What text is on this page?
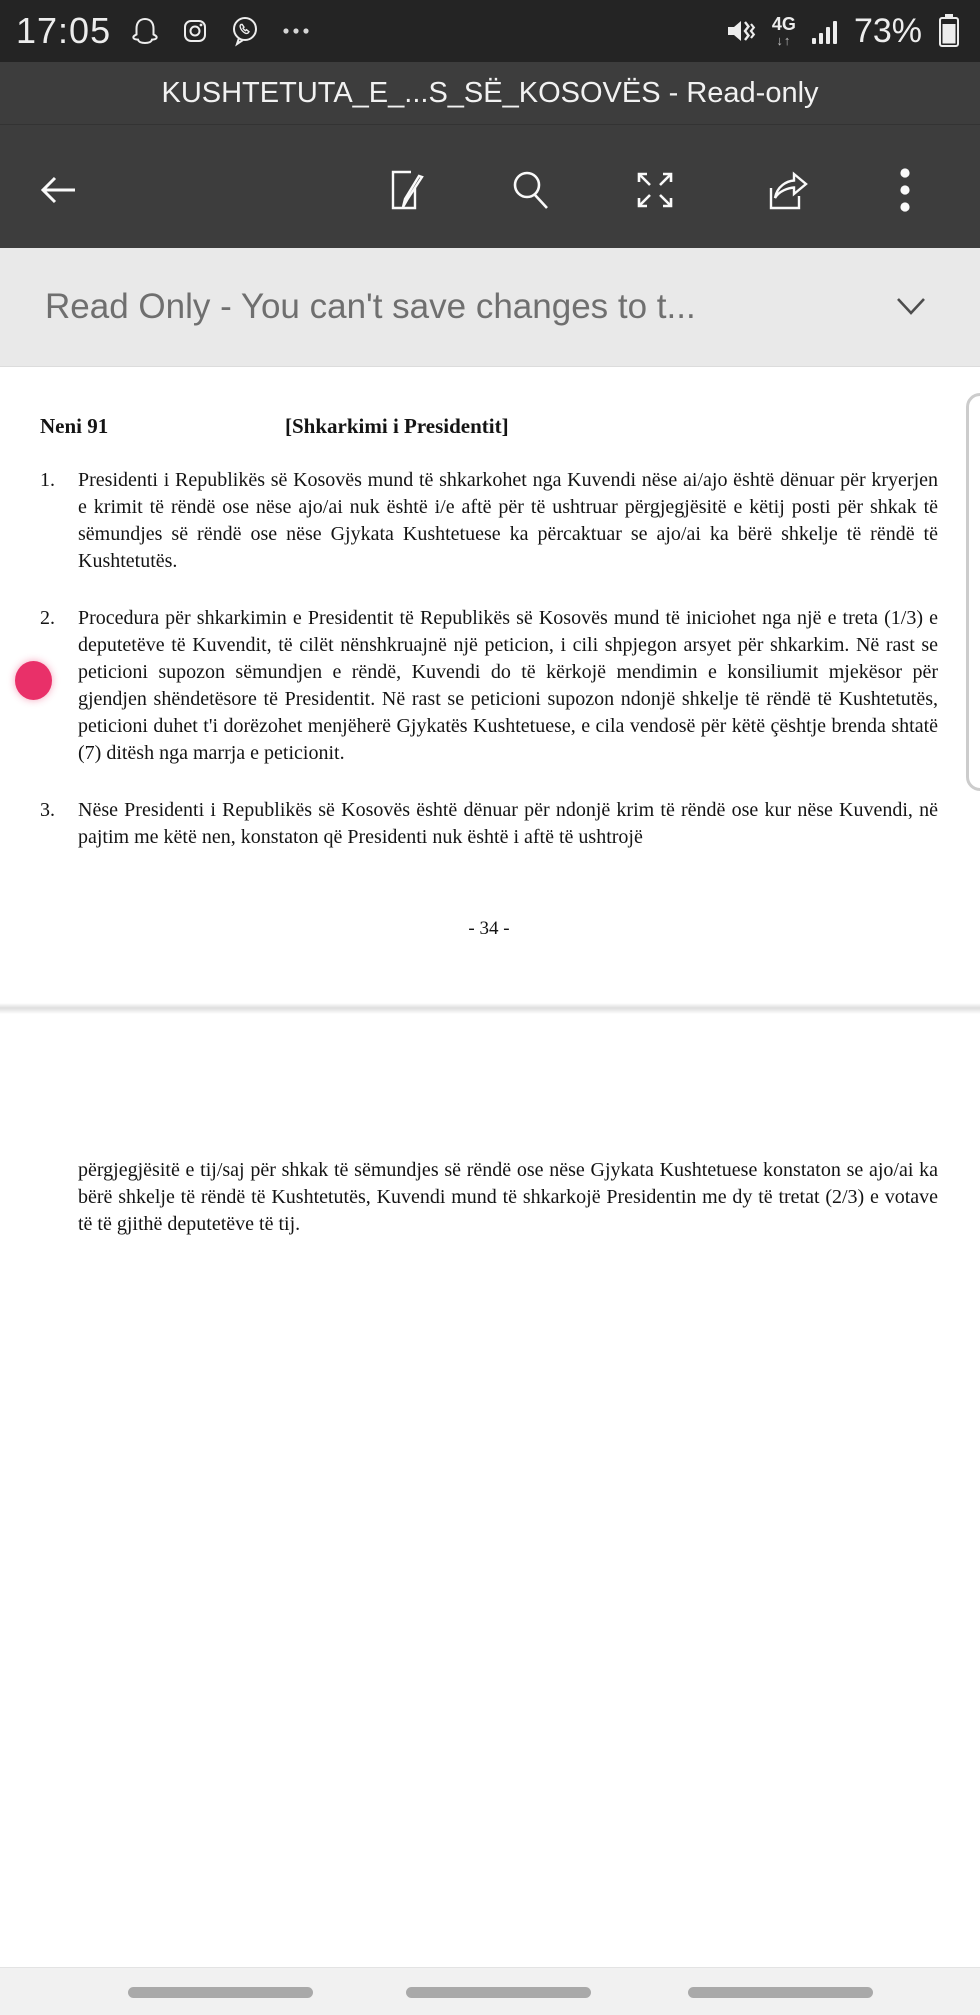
17:05	4G
↓↑ 73%
KUSHTETUTA_E_...S_SË_KOSOVËS - Read-only
Read Only - You can't save changes to t...
Neni 91	[Shkarkimi i Presidentit]
1.	Presidenti i Republikës së Kosovës mund të shkarkohet nga Kuvendi nëse ai/ajo është dënuar për kryerjen e krimit të rëndë ose nëse ajo/ai nuk është i/e aftë për të ushtruar përgjegjësitë e këtij posti për shkak të sëmundjes së rëndë ose nëse Gjykata Kushtetuese ka përcaktuar se ajo/ai ka bërë shkelje të rëndë të Kushtetutës.
2.	Procedura për shkarkimin e Presidentit të Republikës së Kosovës mund të iniciohet nga një e treta (1/3) e deputetëve të Kuvendit, të cilët nënshkruajnë një peticion, i cili shpjegon arsyet për shkarkim. Në rast se peticioni supozon sëmundjen e rëndë, Kuvendi do të kërkojë mendimin e konsiliumit mjekësor për gjendjen shëndetësore të Presidentit. Në rast se peticioni supozon ndonjë shkelje të rëndë të Kushtetutës, peticioni duhet t'i dorëzohet menjëherë Gjykatës Kushtetuese, e cila vendosë për këtë çështje brenda shtatë (7) ditësh nga marrja e peticionit.
3.	Nëse Presidenti i Republikës së Kosovës është dënuar për ndonjë krim të rëndë ose kur nëse Kuvendi, në pajtim me këtë nen, konstaton që Presidenti nuk është i aftë të ushtrojë
- 34 -
përgjegjësitë e tij/saj për shkak të sëmundjes së rëndë ose nëse Gjykata Kushtetuese konstaton se ajo/ai ka bërë shkelje të rëndë të Kushtetutës, Kuvendi mund të shkarkojë Presidentin me dy të tretat (2/3) e votave të të gjithë deputetëve të tij.
